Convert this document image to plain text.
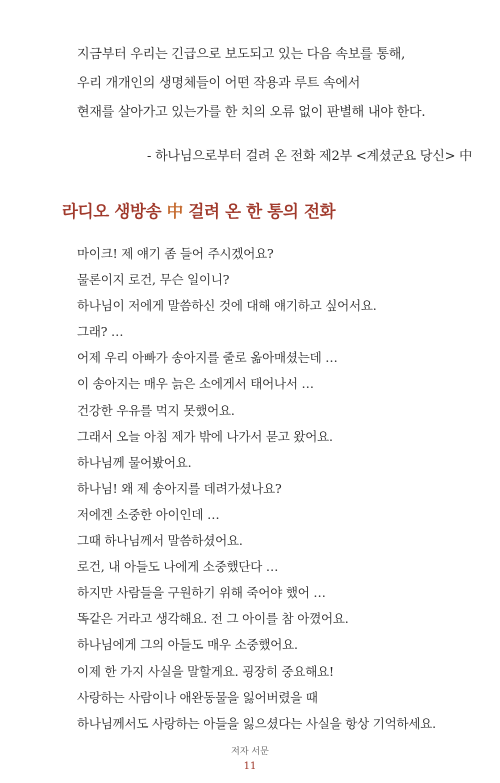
지금부터 우리는 긴급으로 보도되고 있는 다음 속보를 통해,
우리 개개인의 생명체들이 어떤 작용과 루트 속에서
현재를 살아가고 있는가를 한 치의 오류 없이 판별해 내야 한다.
- 하나님으로부터 걸려 온 전화 제2부 <계셨군요 당신> 中
라디오 생방송 中 걸려 온 한 통의 전화
마이크! 제 얘기 좀 들어 주시겠어요?
물론이지 로건, 무슨 일이니?
하나님이 저에게 말씀하신 것에 대해 얘기하고 싶어서요.
그래? …
어제 우리 아빠가 송아지를 줄로 옮아매셨는데 …
이 송아지는 매우 늙은 소에게서 태어나서 …
건강한 우유를 먹지 못했어요.
그래서 오늘 아침 제가 밖에 나가서 묻고 왔어요.
하나님께 물어봤어요.
하나님! 왜 제 송아지를 데려가셨나요?
저에겐 소중한 아이인데 …
그때 하나님께서 말씀하셨어요.
로건, 내 아들도 나에게 소중했단다 …
하지만 사람들을 구원하기 위해 죽어야 했어 …
똑같은 거라고 생각해요. 전 그 아이를 참 아꼈어요.
하나님에게 그의 아들도 매우 소중했어요.
이제 한 가지 사실을 말할게요. 굉장히 중요해요!
사랑하는 사람이나 애완동물을 잃어버렸을 때
하나님께서도 사랑하는 아들을 잃으셨다는 사실을 항상 기억하세요.
저자 서문
11
